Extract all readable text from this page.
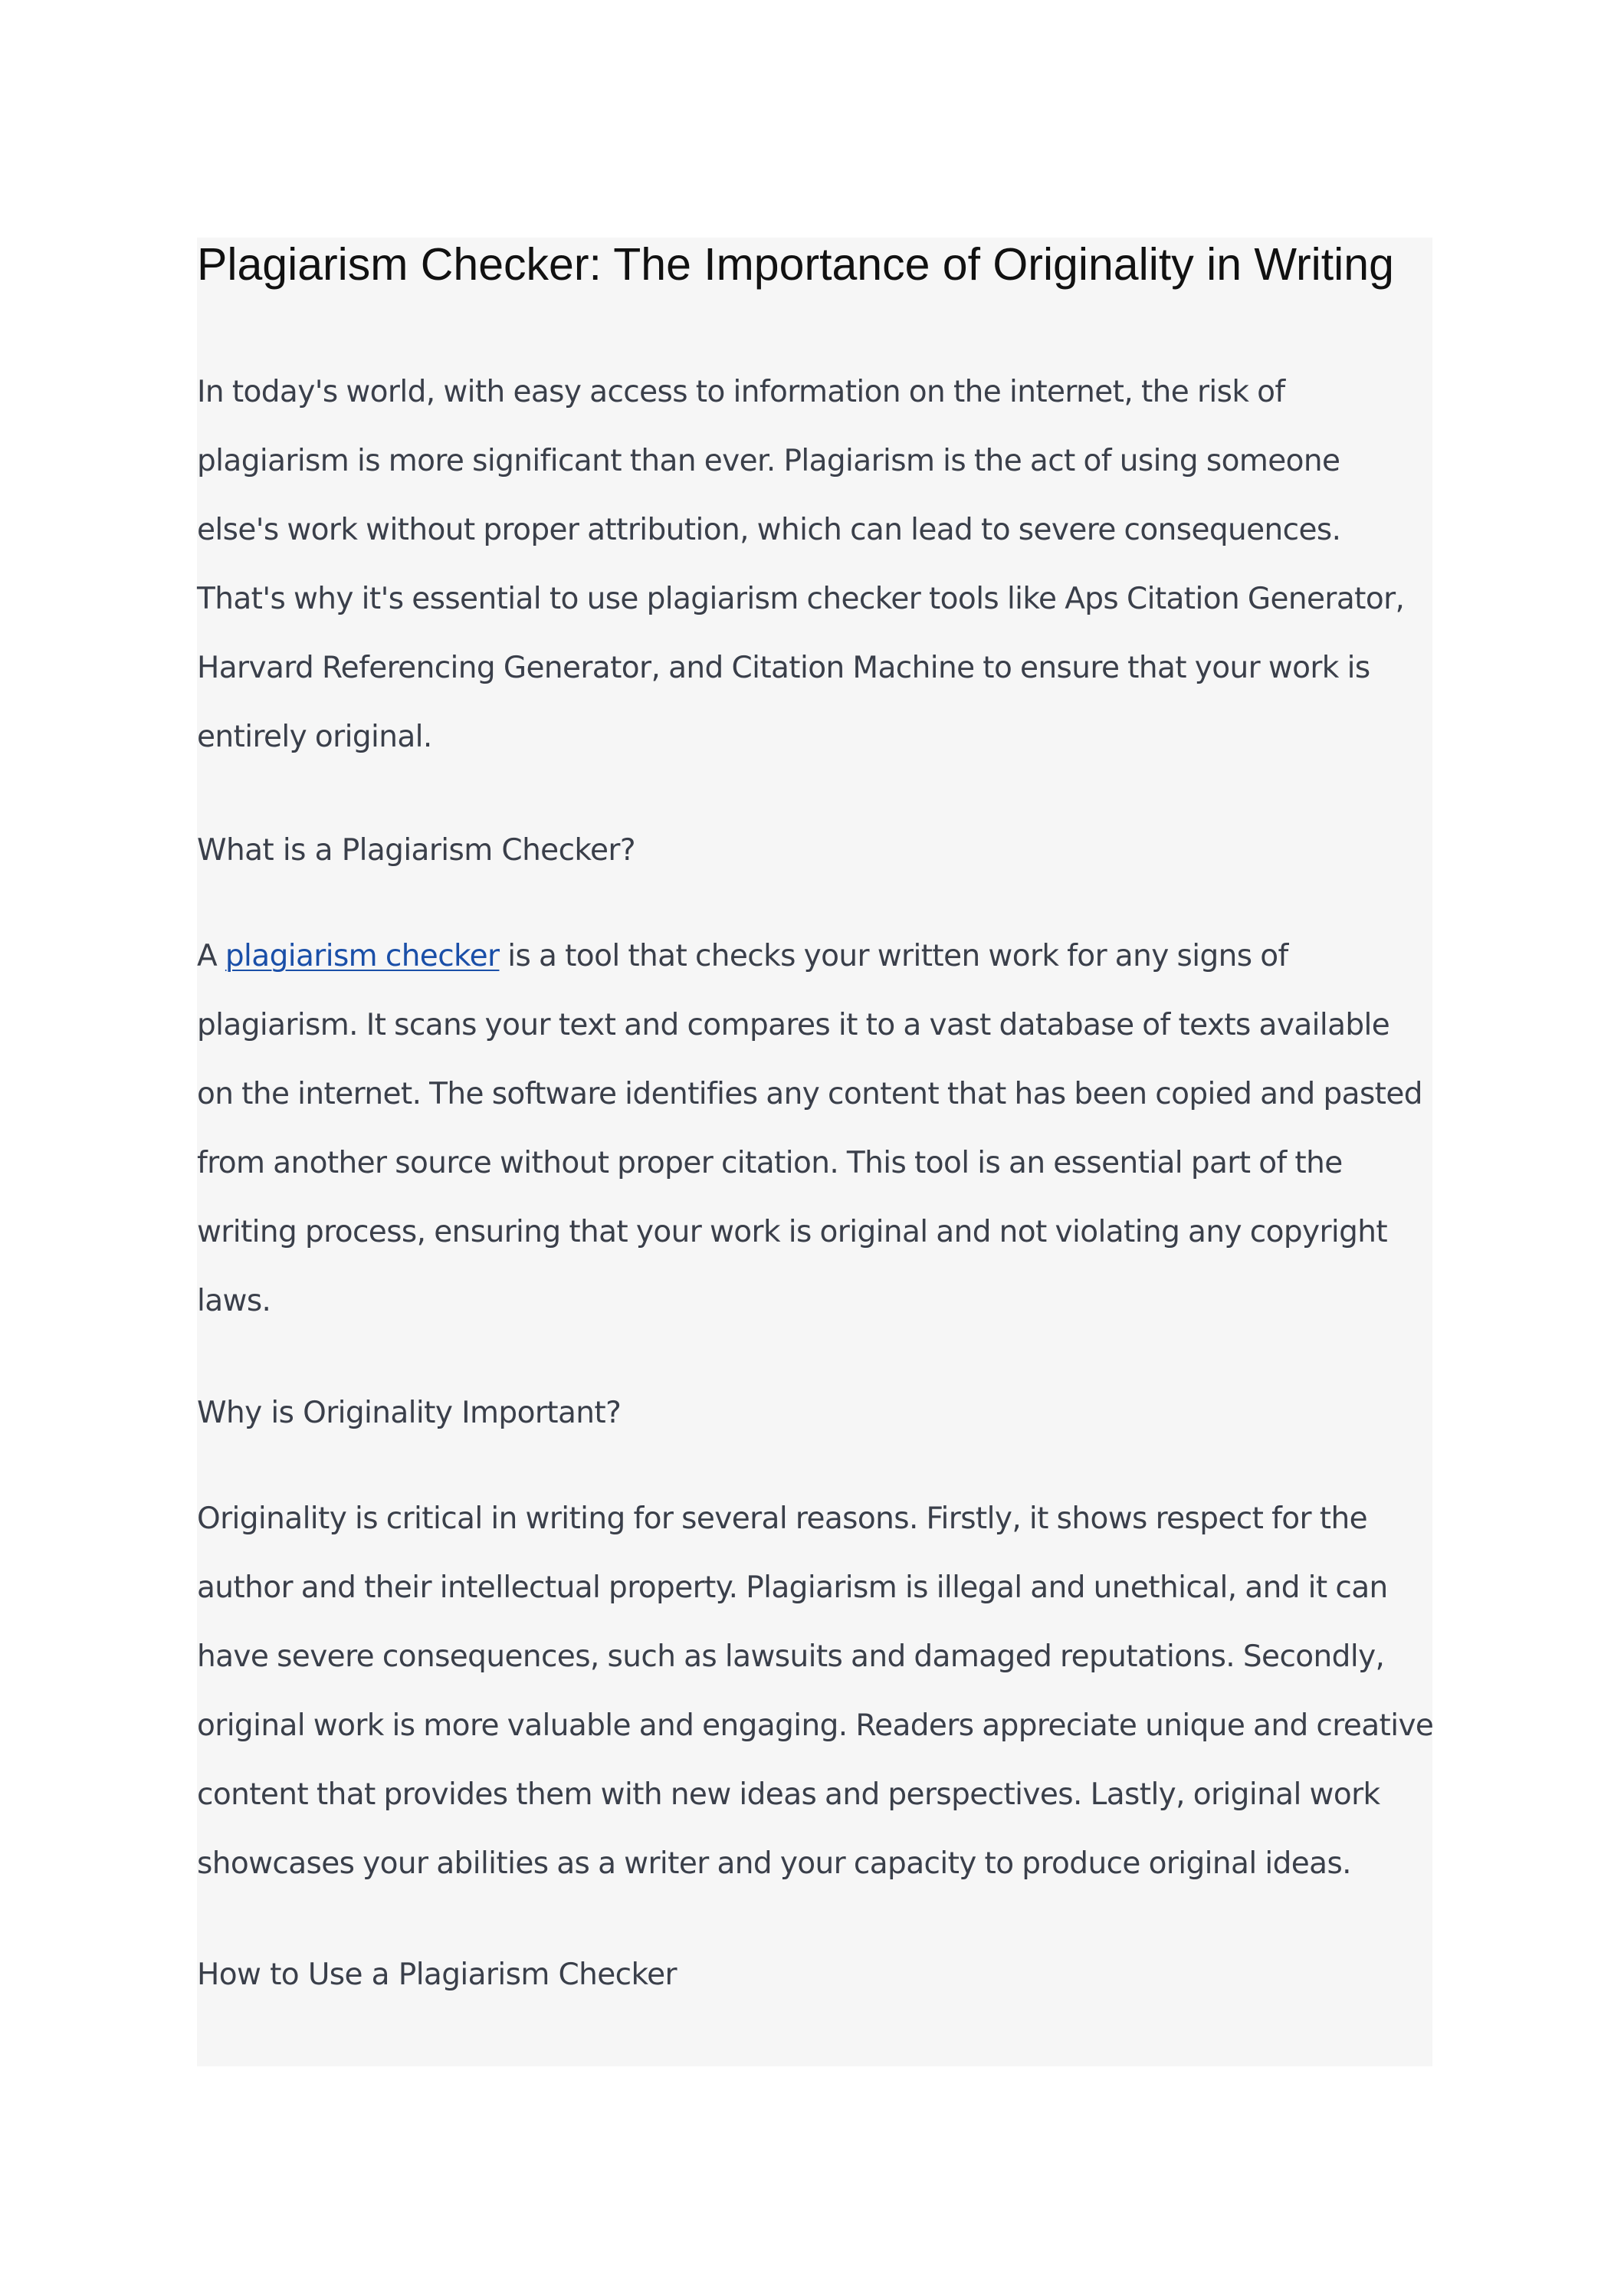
Plagiarism Checker: The Importance of Originality in Writing
In today's world, with easy access to information on the internet, the risk of
plagiarism is more significant than ever. Plagiarism is the act of using someone
else's work without proper attribution, which can lead to severe consequences.
That's why it's essential to use plagiarism checker tools like Aps Citation Generator,
Harvard Referencing Generator, and Citation Machine to ensure that your work is
entirely original.
What is a Plagiarism Checker?
A plagiarism checker is a tool that checks your written work for any signs of
plagiarism. It scans your text and compares it to a vast database of texts available
on the internet. The software identifies any content that has been copied and pasted
from another source without proper citation. This tool is an essential part of the
writing process, ensuring that your work is original and not violating any copyright
laws.
Why is Originality Important?
Originality is critical in writing for several reasons. Firstly, it shows respect for the
author and their intellectual property. Plagiarism is illegal and unethical, and it can
have severe consequences, such as lawsuits and damaged reputations. Secondly,
original work is more valuable and engaging. Readers appreciate unique and creative
content that provides them with new ideas and perspectives. Lastly, original work
showcases your abilities as a writer and your capacity to produce original ideas.
How to Use a Plagiarism Checker
